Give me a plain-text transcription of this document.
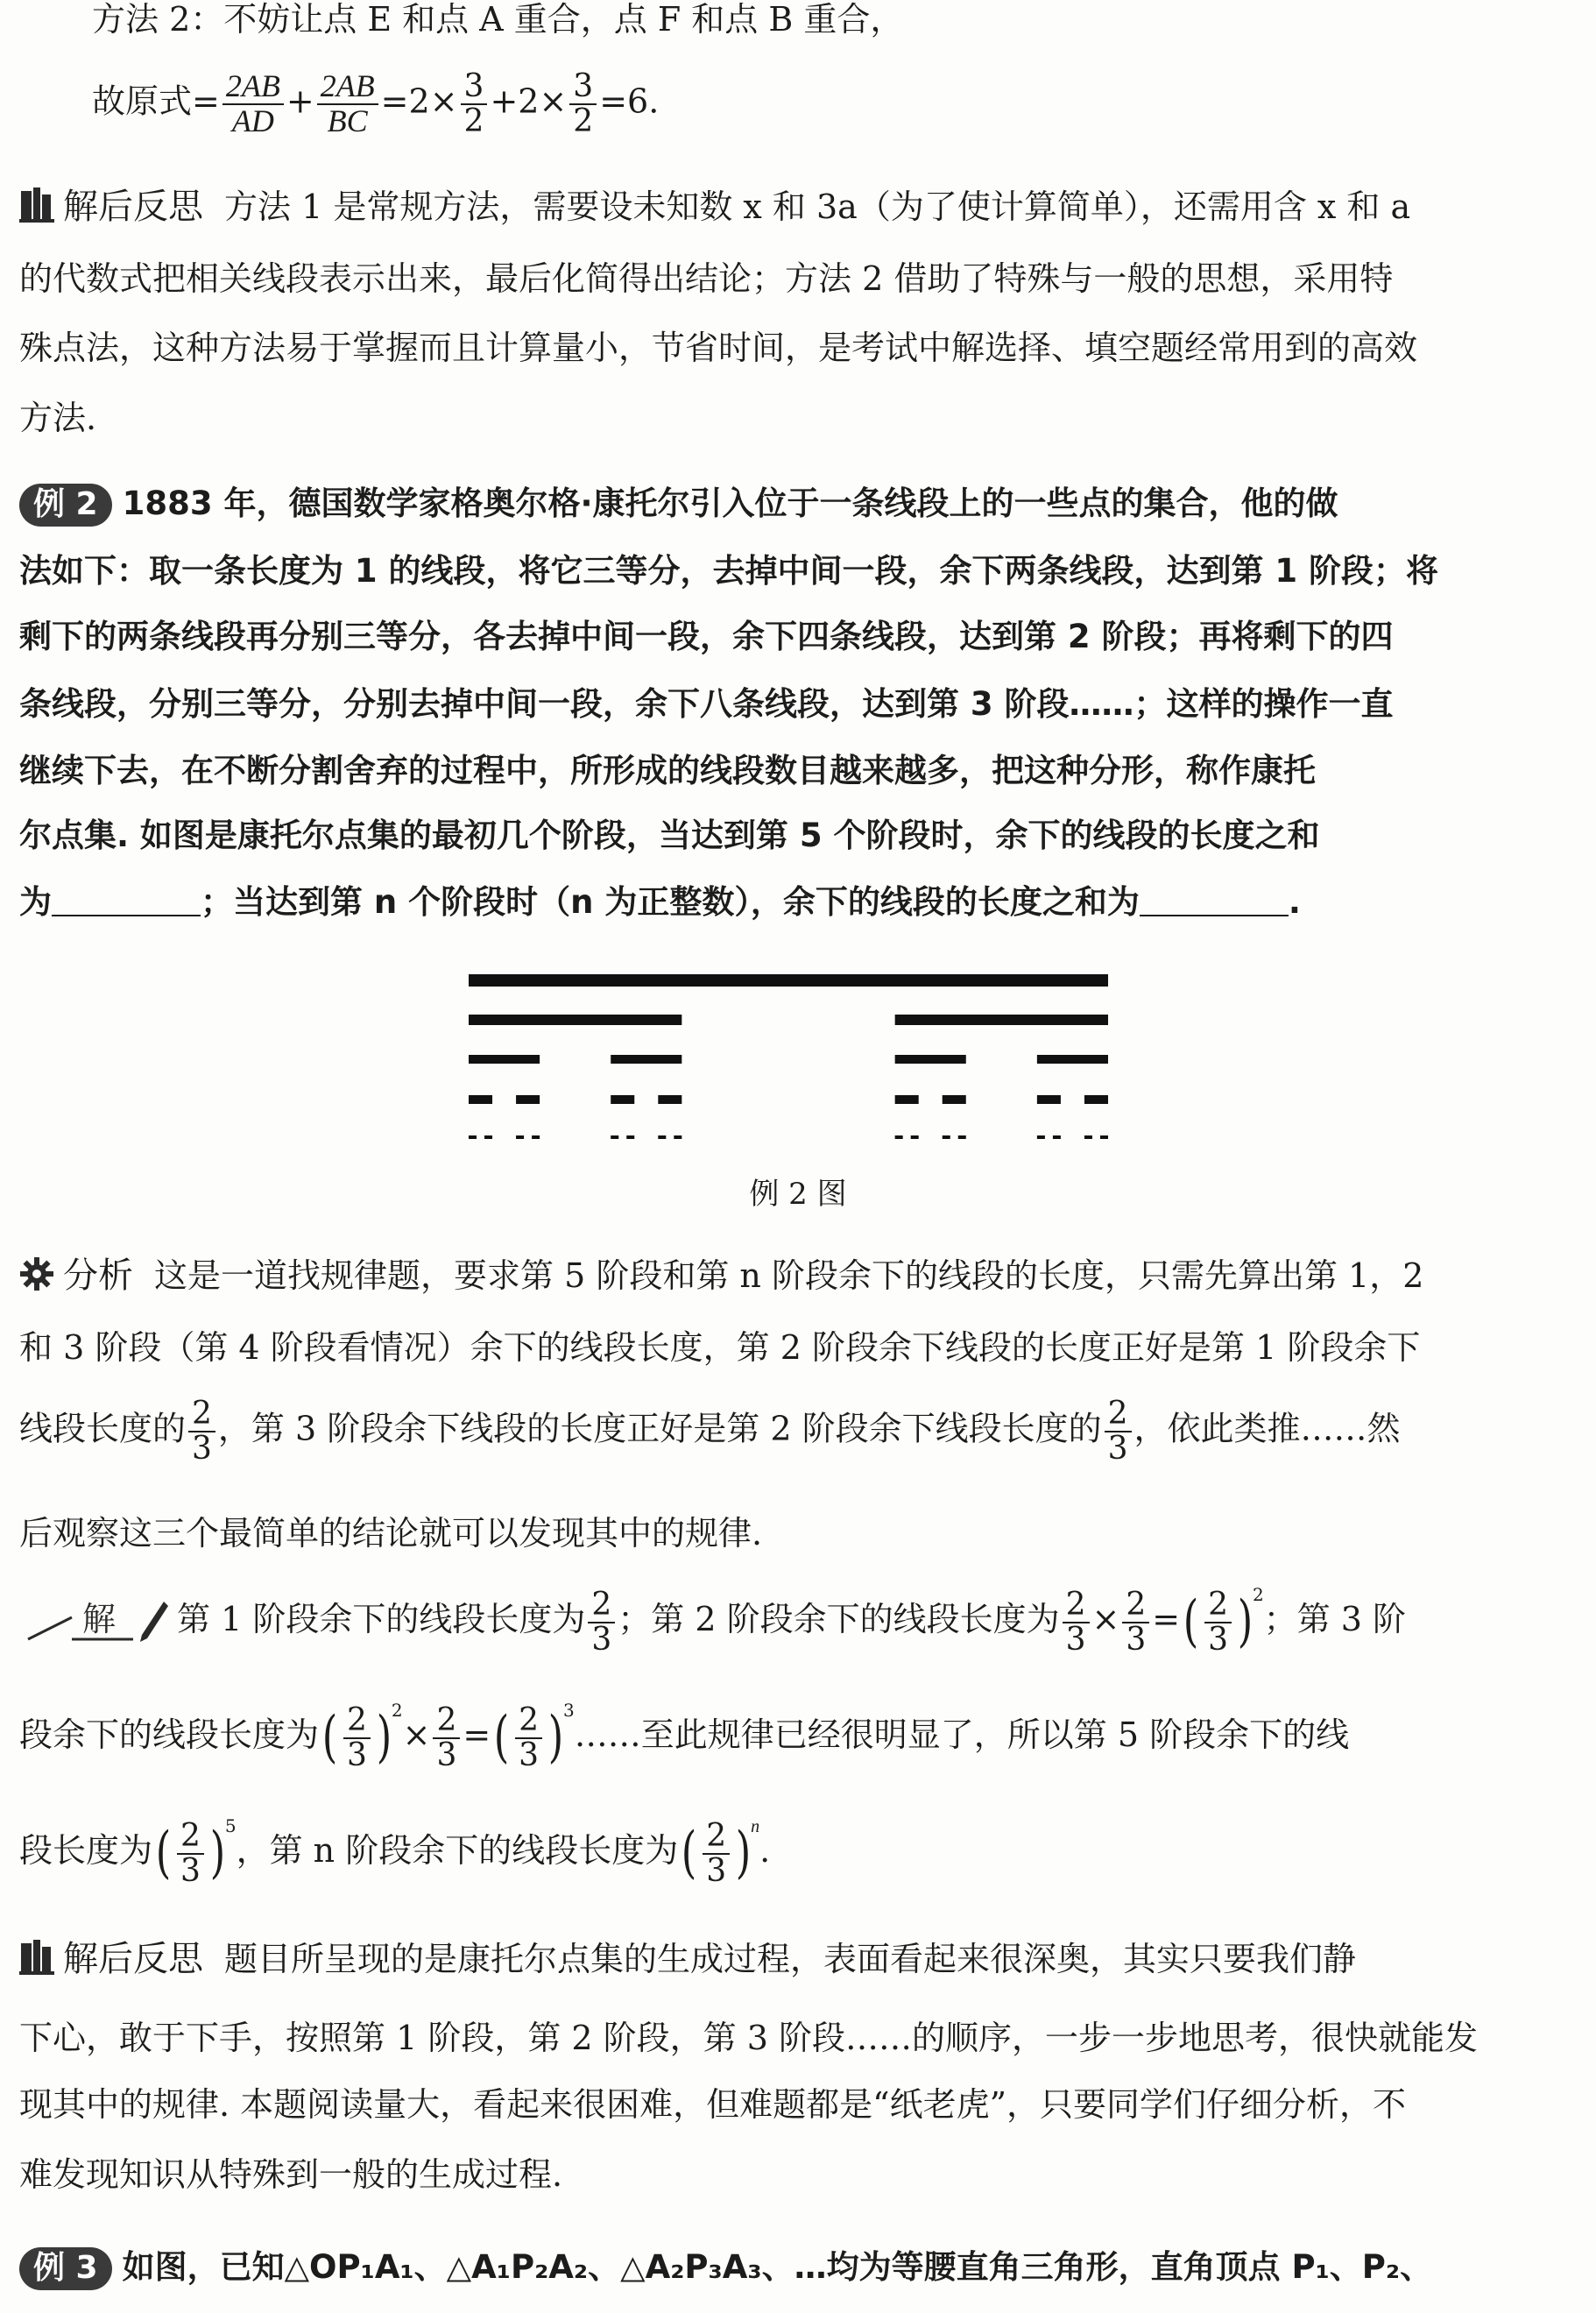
方法 2：不妨让点 E 和点 A 重合，点 F 和点 B 重合，
故原式= $\frac{2AB}{AD} + \frac{2AB}{BC} =2\times \frac{3}{2} +2\times \frac{3}{2} =6$.
解后反思 方法 1 是常规方法，需要设未知数 x 和 3a（为了使计算简单），还需用含 x 和 a
的代数式把相关线段表示出来，最后化简得出结论；方法 2 借助了特殊与一般的思想，采用特
殊点法，这种方法易于掌握而且计算量小，节省时间，是考试中解选择、填空题经常用到的高效
方法.
例 2 1883 年，德国数学家格奥尔格·康托尔引入位于一条线段上的一些点的集合，他的做
法如下：取一条长度为 1 的线段，将它三等分，去掉中间一段，余下两条线段，达到第 1 阶段；将
剩下的两条线段再分别三等分，各去掉中间一段，余下四条线段，达到第 2 阶段；再将剩下的四
条线段，分别三等分，分别去掉中间一段，余下八条线段，达到第 3 阶段……；这样的操作一直
继续下去，在不断分割舍弃的过程中，所形成的线段数目越来越多，把这种分形，称作康托
尔点集. 如图是康托尔点集的最初几个阶段，当达到第 5 个阶段时，余下的线段的长度之和
为	；当达到第 n 个阶段时（n 为正整数），余下的线段的长度之和为	.
例 2 图
分析 这是一道找规律题，要求第 5 阶段和第 n 阶段余下的线段的长度，只需先算出第 1，2
和 3 阶段（第 4 阶段看情况）余下的线段长度，第 2 阶段余下线段的长度正好是第 1 阶段余下
线段长度的 $\frac{2}{3}$ ，第 3 阶段余下线段的长度正好是第 2 阶段余下线段长度的 $\frac{2}{3}$ ，依此类推……然
后观察这三个最简单的结论就可以发现其中的规律.
解 第 1 阶段余下的线段长度为 $\frac{2}{3}$ ；第 2 阶段余下的线段长度为 $\frac{2}{3} \times \frac{2}{3}$ =( $\frac{2}{3} )^2$；第 3 阶
段余下的线段长度为( $\frac{2}{3} )^2\times \frac{2}{3}$ =( $\frac{2}{3}$ )$^3$……至此规律已经很明显了，所以第 5 阶段余下的线
段长度为( $\frac{2}{3} )^5$，第 n 阶段余下的线段长度为( $\frac{2}{3} )^n$.
解后反思 题目所呈现的是康托尔点集的生成过程，表面看起来很深奥，其实只要我们静
下心，敢于下手，按照第 1 阶段，第 2 阶段，第 3 阶段……的顺序，一步一步地思考，很快就能发
现其中的规律. 本题阅读量大，看起来很困难，但难题都是“纸老虎”，只要同学们仔细分析，不
难发现知识从特殊到一般的生成过程.
例 3 如图，已知△OP₁A₁、△A₁P₂A₂、△A₂P₃A₃、…均为等腰直角三角形，直角顶点 P₁、P₂、
